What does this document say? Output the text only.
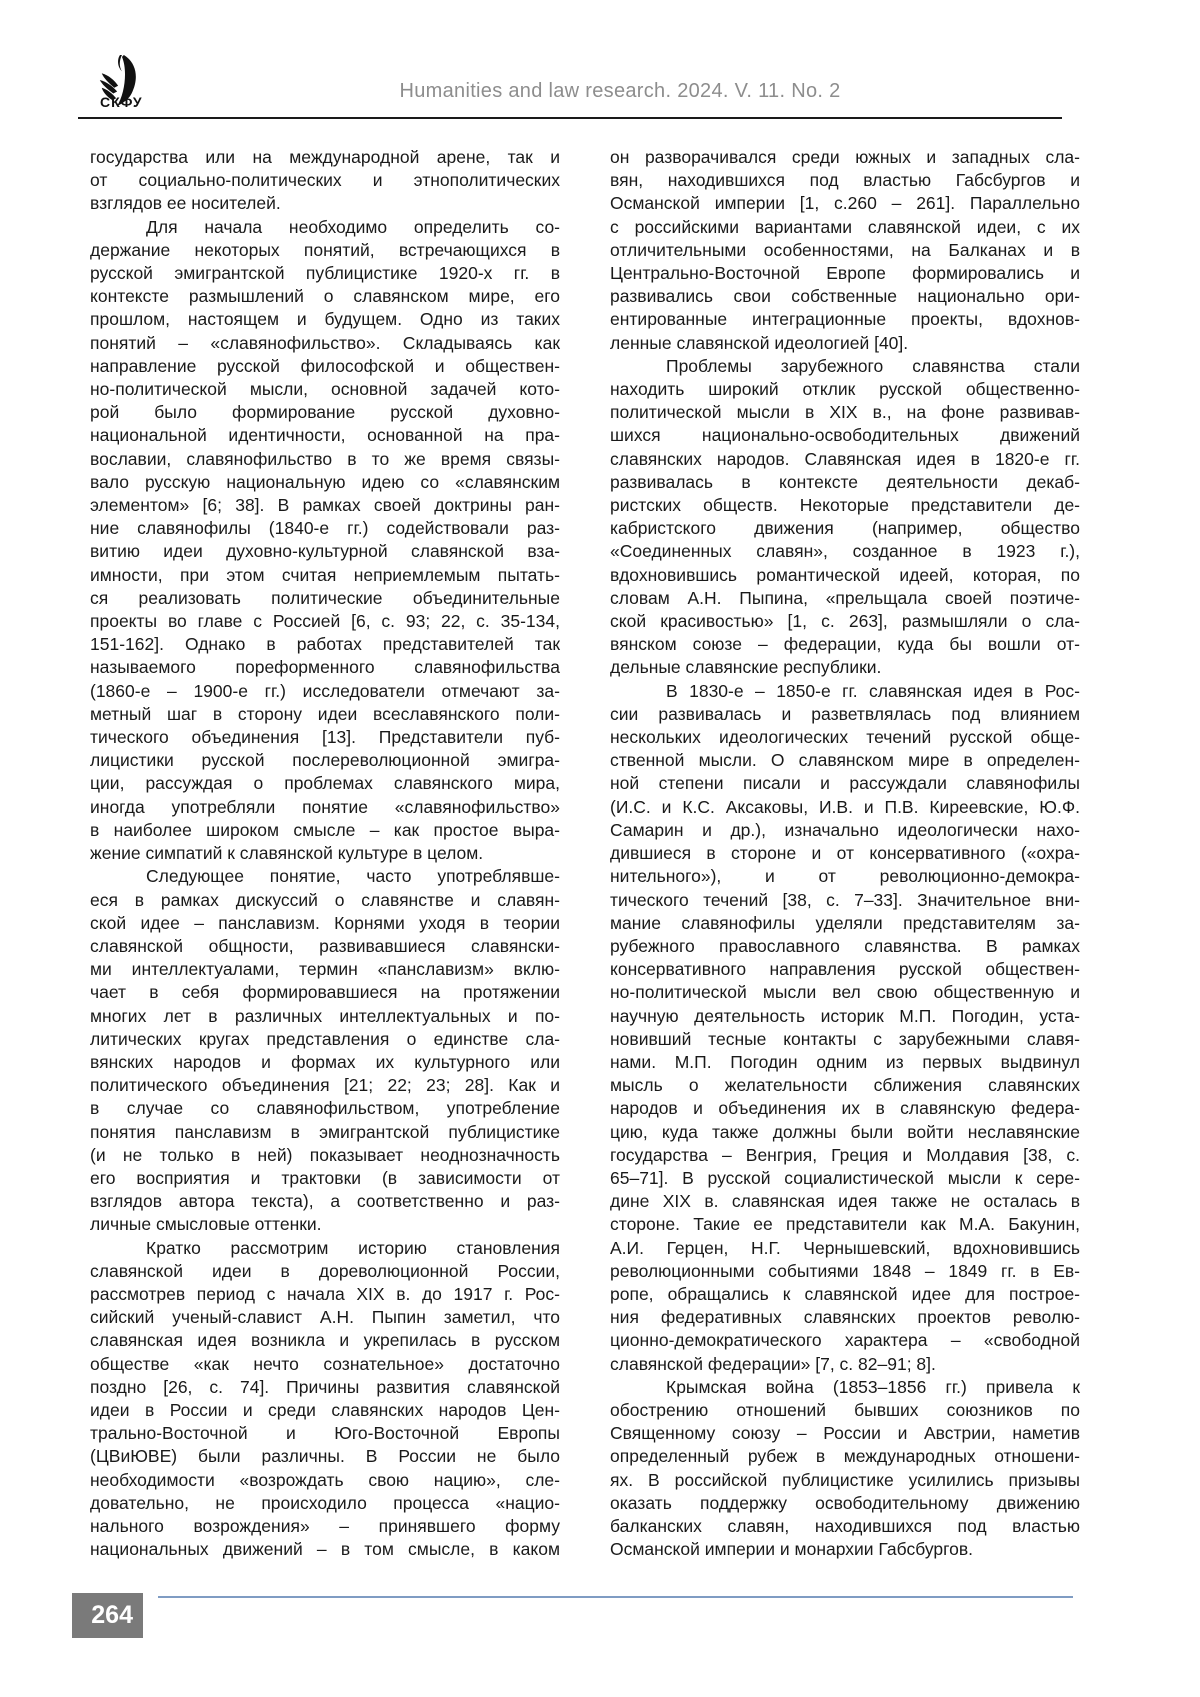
СКФУ	Humanities and law research. 2024. V. 11. No. 2
государства или на международной арене, так и
от социально-политических и этнополитических
взглядов ее носителей.
Для начала необходимо определить со-
держание некоторых понятий, встречающихся в
русской эмигрантской публицистике 1920-х гг. в
контексте размышлений о славянском мире, его
прошлом, настоящем и будущем. Одно из таких
понятий – «славянофильство». Складываясь как
направление русской философской и обществен-
но-политической мысли, основной задачей кото-
рой было формирование русской духовно-
национальной идентичности, основанной на пра-
вославии, славянофильство в то же время связы-
вало русскую национальную идею со «славянским
элементом» [6; 38]. В рамках своей доктрины ран-
ние славянофилы (1840-е гг.) содействовали раз-
витию идеи духовно-культурной славянской вза-
имности, при этом считая неприемлемым пытать-
ся реализовать политические объединительные
проекты во главе с Россией [6, с. 93; 22, с. 35-134,
151-162]. Однако в работах представителей так
называемого пореформенного славянофильства
(1860-е – 1900-е гг.) исследователи отмечают за-
метный шаг в сторону идеи всеславянского поли-
тического объединения [13]. Представители пуб-
лицистики русской послереволюционной эмигра-
ции, рассуждая о проблемах славянского мира,
иногда употребляли понятие «славянофильство»
в наиболее широком смысле – как простое выра-
жение симпатий к славянской культуре в целом.
Следующее понятие, часто употреблявше-
еся в рамках дискуссий о славянстве и славян-
ской идее – панславизм. Корнями уходя в теории
славянской общности, развивавшиеся славянски-
ми интеллектуалами, термин «панславизм» вклю-
чает в себя формировавшиеся на протяжении
многих лет в различных интеллектуальных и по-
литических кругах представления о единстве сла-
вянских народов и формах их культурного или
политического объединения [21; 22; 23; 28]. Как и
в случае со славянофильством, употребление
понятия панславизм в эмигрантской публицистике
(и не только в ней) показывает неоднозначность
его восприятия и трактовки (в зависимости от
взглядов автора текста), а соответственно и раз-
личные смысловые оттенки.
Кратко рассмотрим историю становления
славянской идеи в дореволюционной России,
рассмотрев период с начала XIX в. до 1917 г. Рос-
сийский ученый-славист А.Н. Пыпин заметил, что
славянская идея возникла и укрепилась в русском
обществе «как нечто сознательное» достаточно
поздно [26, с. 74]. Причины развития славянской
идеи в России и среди славянских народов Цен-
трально-Восточной и Юго-Восточной Европы
(ЦВиЮВЕ) были различны. В России не было
необходимости «возрождать свою нацию», сле-
довательно, не происходило процесса «нацио-
нального возрождения» – принявшего форму
национальных движений – в том смысле, в каком
он разворачивался среди южных и западных сла-
вян, находившихся под властью Габсбургов и
Османской империи [1, с.260 – 261]. Параллельно
с российскими вариантами славянской идеи, с их
отличительными особенностями, на Балканах и в
Центрально-Восточной Европе формировались и
развивались свои собственные национально ори-
ентированные интеграционные проекты, вдохнов-
ленные славянской идеологией [40].
Проблемы зарубежного славянства стали
находить широкий отклик русской общественно-
политической мысли в XIX в., на фоне развивав-
шихся национально-освободительных движений
славянских народов. Славянская идея в 1820-е гг.
развивалась в контексте деятельности декаб-
ристских обществ. Некоторые представители де-
кабристского движения (например, общество
«Соединенных славян», созданное в 1923 г.),
вдохновившись романтической идеей, которая, по
словам А.Н. Пыпина, «прельщала своей поэтиче-
ской красивостью» [1, с. 263], размышляли о сла-
вянском союзе – федерации, куда бы вошли от-
дельные славянские республики.
В 1830-е – 1850-е гг. славянская идея в Рос-
сии развивалась и разветвлялась под влиянием
нескольких идеологических течений русской обще-
ственной мысли. О славянском мире в определен-
ной степени писали и рассуждали славянофилы
(И.С. и К.С. Аксаковы, И.В. и П.В. Киреевские, Ю.Ф.
Самарин и др.), изначально идеологически нахо-
дившиеся в стороне и от консервативного («охра-
нительного»), и от революционно-демокра-
тического течений [38, с. 7–33]. Значительное вни-
мание славянофилы уделяли представителям за-
рубежного православного славянства. В рамках
консервативного направления русской обществен-
но-политической мысли вел свою общественную и
научную деятельность историк М.П. Погодин, уста-
новивший тесные контакты с зарубежными славя-
нами. М.П. Погодин одним из первых выдвинул
мысль о желательности сближения славянских
народов и объединения их в славянскую федера-
цию, куда также должны были войти неславянские
государства – Венгрия, Греция и Молдавия [38, с.
65–71]. В русской социалистической мысли к сере-
дине XIX в. славянская идея также не осталась в
стороне. Такие ее представители как М.А. Бакунин,
А.И. Герцен, Н.Г. Чернышевский, вдохновившись
революционными событиями 1848 – 1849 гг. в Ев-
ропе, обращались к славянской идее для построе-
ния федеративных славянских проектов револю-
ционно-демократического характера – «свободной
славянской федерации» [7, с. 82–91; 8].
Крымская война (1853–1856 гг.) привела к
обострению отношений бывших союзников по
Священному союзу – России и Австрии, наметив
определенный рубеж в международных отношени-
ях. В российской публицистике усилились призывы
оказать поддержку освободительному движению
балканских славян, находившихся под властью
Османской империи и монархии Габсбургов.
264
